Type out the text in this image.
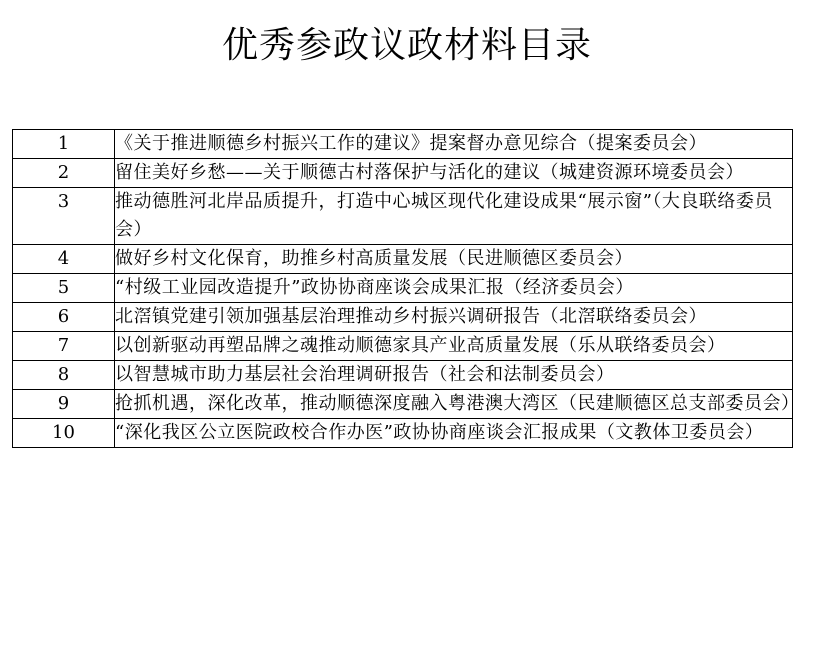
优秀参政议政材料目录
1	《关于推进顺德乡村振兴工作的建议》提案督办意见综合（提案委员会）
2	留住美好乡愁——关于顺德古村落保护与活化的建议（城建资源环境委员会）
3	推动德胜河北岸品质提升，打造中心城区现代化建设成果“展示窗”（大良联络委员会）
4	做好乡村文化保育，助推乡村高质量发展（民进顺德区委员会）
5	“村级工业园改造提升”政协协商座谈会成果汇报（经济委员会）
6	北滘镇党建引领加强基层治理推动乡村振兴调研报告（北滘联络委员会）
7	以创新驱动再塑品牌之魂推动顺德家具产业高质量发展（乐从联络委员会）
8	以智慧城市助力基层社会治理调研报告（社会和法制委员会）
9	抢抓机遇，深化改革，推动顺德深度融入粤港澳大湾区（民建顺德区总支部委员会）
10	“深化我区公立医院政校合作办医”政协协商座谈会汇报成果（文教体卫委员会）
